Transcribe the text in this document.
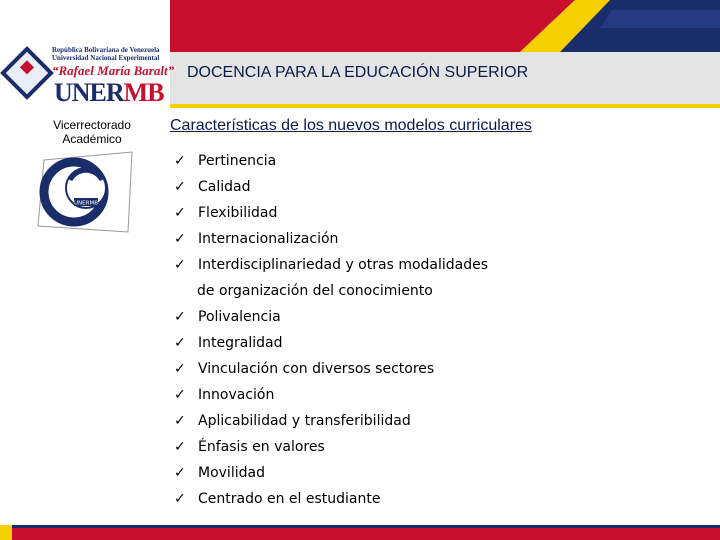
República Bolivariana de Venezuela
Universidad Nacional Experimental
“Rafael María Baralt”
UNERMB
DOCENCIA PARA LA EDUCACIÓN SUPERIOR
Vicerrectorado
Académico
UNERMB
Características de los nuevos modelos curriculares
✓ Pertinencia
✓ Calidad
✓ Flexibilidad
✓ Internacionalización
✓ Interdisciplinariedad y otras modalidades
de organización del conocimiento
✓ Polivalencia
✓ Integralidad
✓ Vinculación con diversos sectores
✓ Innovación
✓ Aplicabilidad y transferibilidad
✓ Énfasis en valores
✓ Movilidad
✓ Centrado en el estudiante
